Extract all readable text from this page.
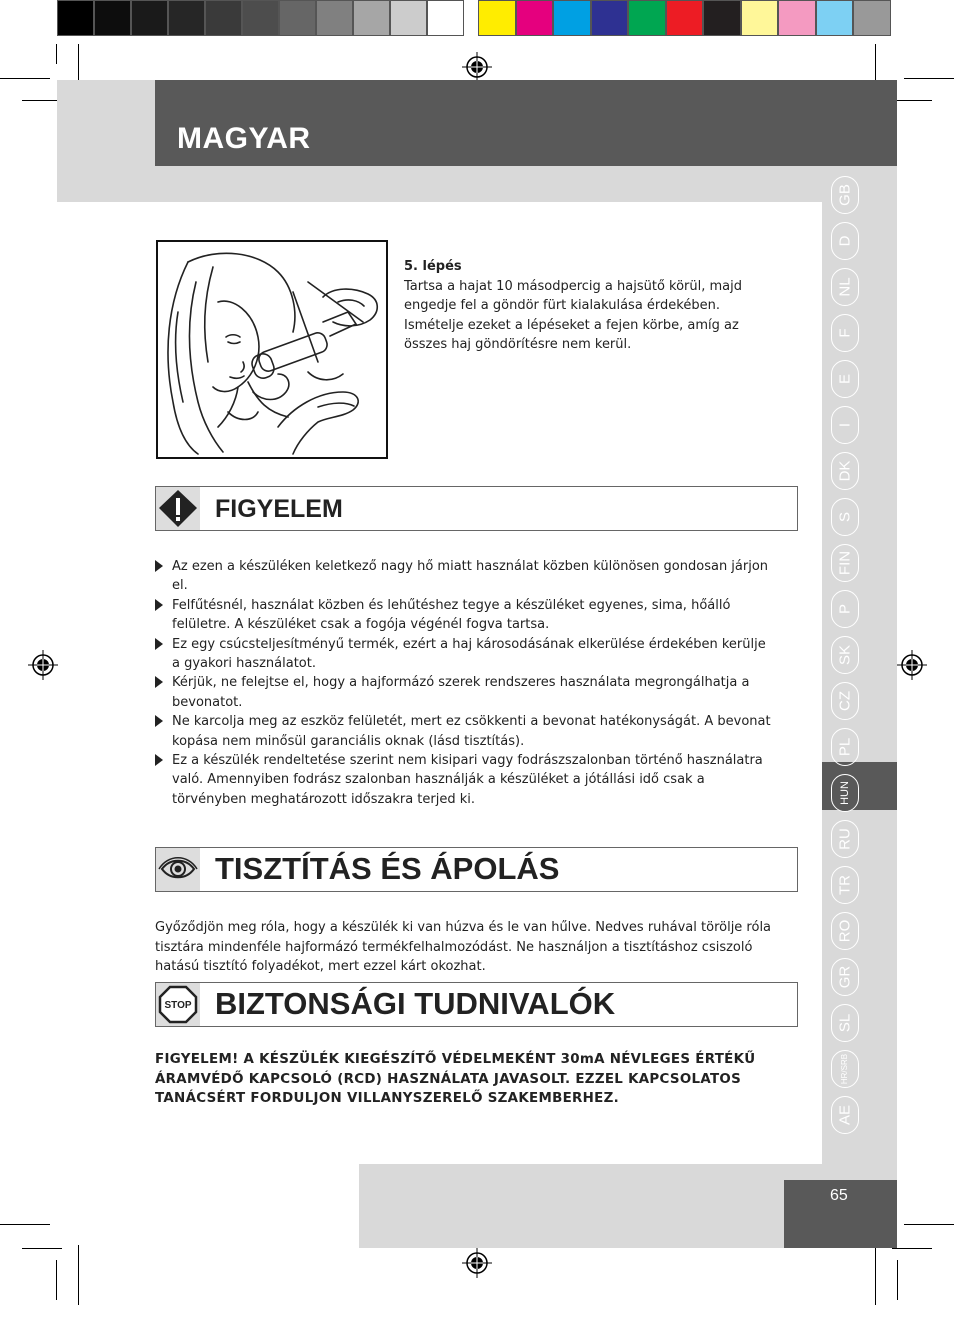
MAGYAR
GB
D
NL
F
E
I
DK
S
FIN
P
SK
CZ
PL
HUN
RU
TR
RO
GR
SL
HR/SRB
AE
65
5. lépés
Tartsa a hajat 10 másodpercig a hajsütő körül, majd engedje fel a göndör fürt kialakulása érdekében. Ismételje ezeket a lépéseket a fejen körbe, amíg az összes haj göndörítésre nem kerül.
FIGYELEM
Az ezen a készüléken keletkező nagy hő miatt használat közben különösen gondosan járjon el.
Felfűtésnél, használat közben és lehűtéshez tegye a készüléket egyenes, sima, hőálló felületre. A készüléket csak a fogója végénél fogva tartsa.
Ez egy csúcsteljesítményű termék, ezért a haj károsodásának elkerülése érdekében kerülje a gyakori használatot.
Kérjük, ne felejtse el, hogy a hajformázó szerek rendszeres használata megrongálhatja a bevonatot.
Ne karcolja meg az eszköz felületét, mert ez csökkenti a bevonat hatékonyságát. A bevonat kopása nem minősül garanciális oknak (lásd tisztítás).
Ez a készülék rendeltetése szerint nem kisipari vagy fodrászszalonban történő használatra való. Amennyiben fodrász szalonban használják a készüléket a jótállási idő csak a törvényben meghatározott időszakra terjed ki.
TISZTÍTÁS ÉS ÁPOLÁS
Győződjön meg róla, hogy a készülék ki van húzva és le van hűlve. Nedves ruhával törölje róla tisztára mindenféle hajformázó termékfelhalmozódást. Ne használjon a tisztításhoz csiszoló hatású tisztító folyadékot, mert ezzel kárt okozhat.
STOP BIZTONSÁGI TUDNIVALÓK
FIGYELEM! A KÉSZÜLÉK KIEGÉSZÍTŐ VÉDELMEKÉNT 30mA NÉVLEGES ÉRTÉKŰ ÁRAMVÉDŐ KAPCSOLÓ (RCD) HASZNÁLATA JAVASOLT. EZZEL KAPCSOLATOS TANÁCSÉRT FORDULJON VILLANYSZERELŐ SZAKEMBERHEZ.
